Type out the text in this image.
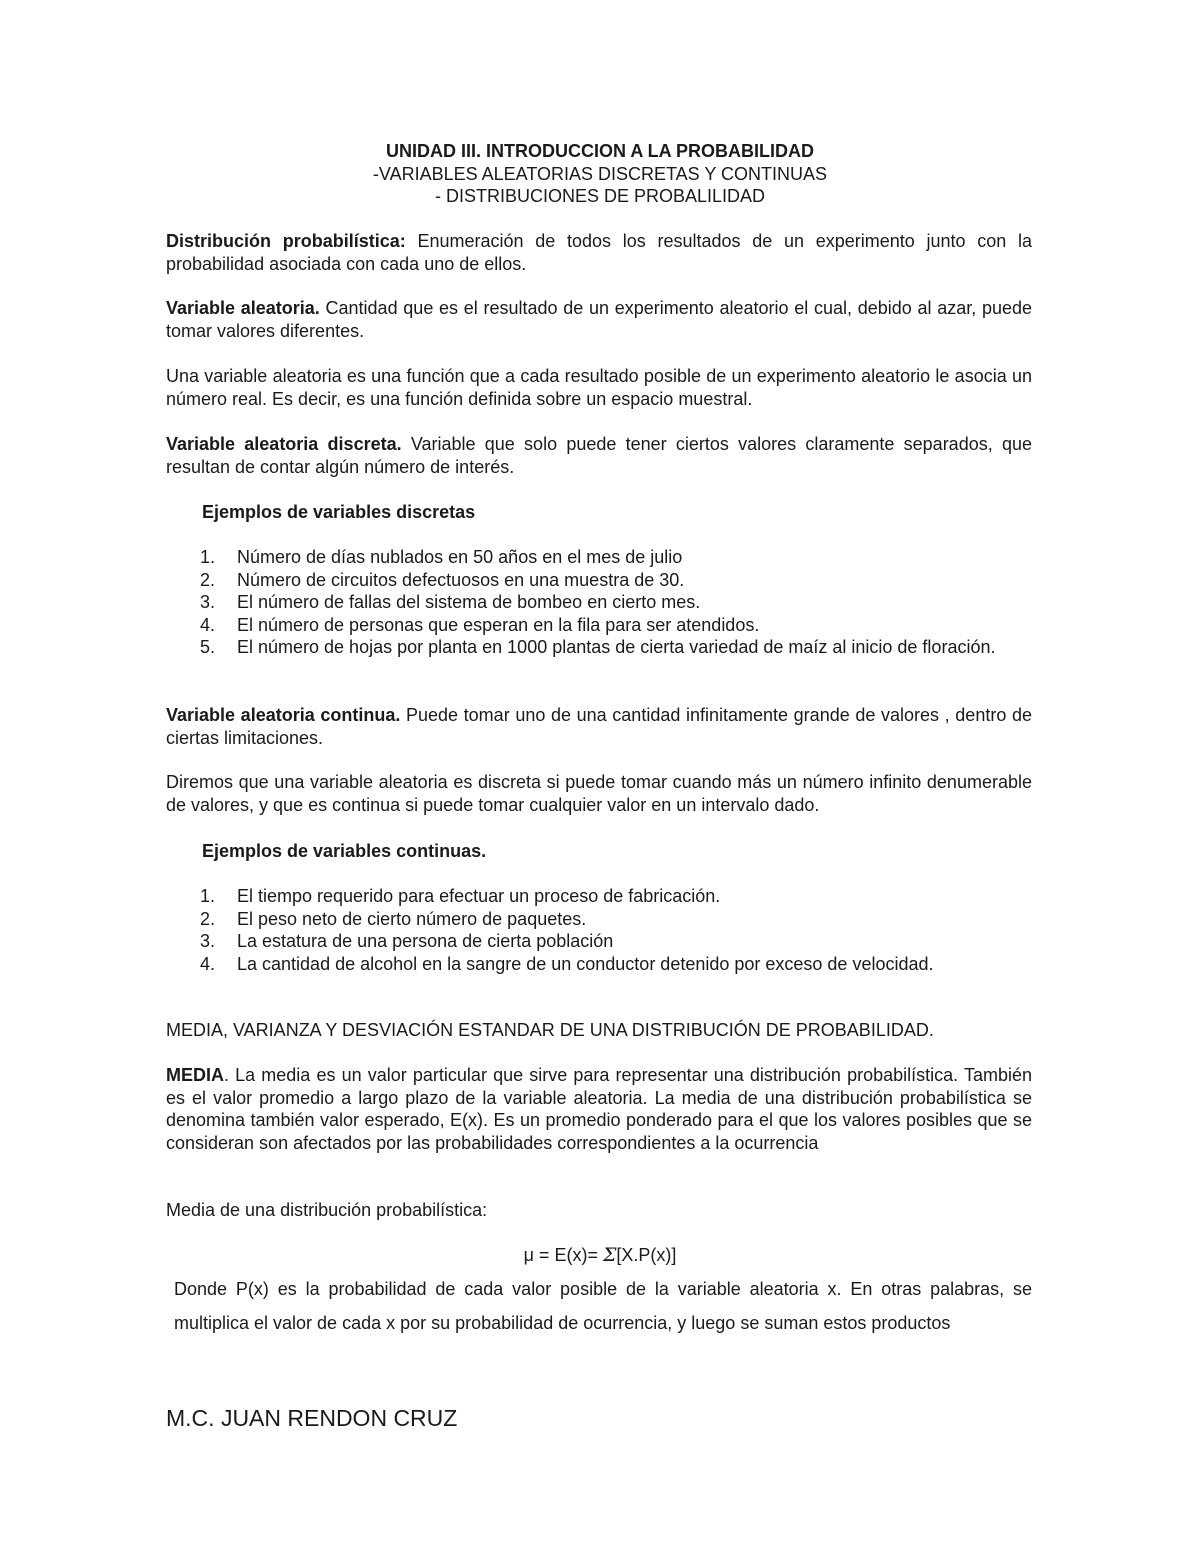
UNIDAD III. INTRODUCCION A LA PROBABILIDAD
-VARIABLES ALEATORIAS DISCRETAS Y CONTINUAS
- DISTRIBUCIONES DE PROBALILIDAD
Distribución probabilística: Enumeración de todos los resultados de un experimento junto con la probabilidad asociada con cada uno de ellos.
Variable aleatoria. Cantidad que es el resultado de un experimento aleatorio el cual, debido al azar, puede tomar valores diferentes.
Una variable aleatoria es una función que a cada resultado posible de un experimento aleatorio le asocia un número real. Es decir, es una función definida sobre un espacio muestral.
Variable aleatoria discreta. Variable que solo puede tener ciertos valores claramente separados, que resultan de contar algún número de interés.
Ejemplos de variables discretas
1. Número de días nublados en 50 años en el mes de julio
2. Número de circuitos defectuosos en una muestra de 30.
3. El número de fallas del sistema de bombeo en cierto mes.
4. El número de personas que esperan en la fila para ser atendidos.
5. El número de hojas por planta en 1000 plantas de cierta variedad de maíz al inicio de floración.
Variable aleatoria continua. Puede tomar uno de una cantidad infinitamente grande de valores , dentro de ciertas limitaciones.
Diremos que una variable aleatoria es discreta si puede tomar cuando más un número infinito denumerable de valores, y que es continua si puede tomar cualquier valor en un intervalo dado.
Ejemplos de variables continuas.
1. El tiempo requerido para efectuar un proceso de fabricación.
2. El peso neto de cierto número de paquetes.
3. La estatura de una persona de cierta población
4. La cantidad de alcohol en la sangre de un conductor detenido por exceso de velocidad.
MEDIA, VARIANZA Y DESVIACIÓN ESTANDAR DE UNA DISTRIBUCIÓN DE PROBABILIDAD.
MEDIA. La media es un valor particular que sirve para representar una distribución probabilística. También es el valor promedio a largo plazo de la variable aleatoria. La media de una distribución probabilística se denomina también valor esperado, E(x). Es un promedio ponderado para el que los valores posibles que se consideran son afectados por las probabilidades correspondientes a la ocurrencia
Media de una distribución probabilística:
μ = E(x)= Σ[X.P(x)]
Donde P(x) es la probabilidad de cada valor posible de la variable aleatoria x. En otras palabras, se multiplica el valor de cada x por su probabilidad de ocurrencia, y luego se suman estos productos
M.C. JUAN RENDON CRUZ
